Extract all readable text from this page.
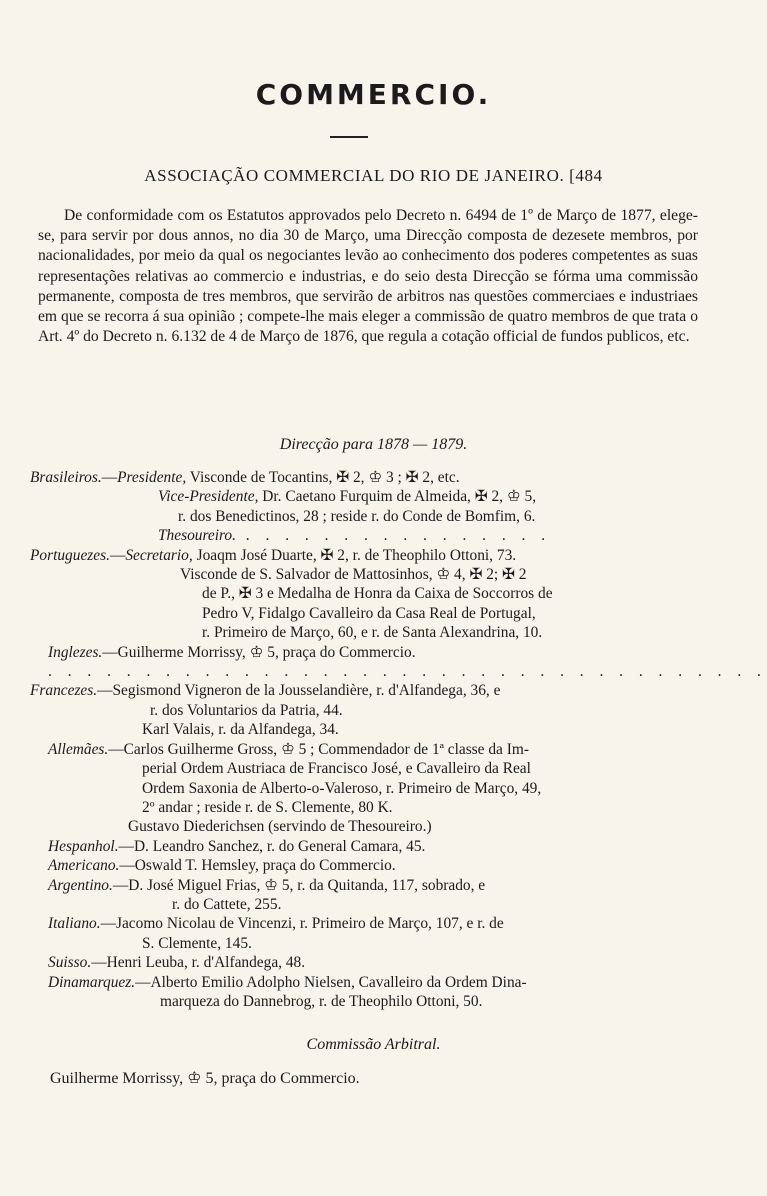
COMMERCIO.

ASSOCIAÇÃO COMMERCIAL DO RIO DE JANEIRO. [484

De conformidade com os Estatutos approvados pelo Decreto n. 6494 de 1º de Março de 1877, elege-se, para servir por dous annos, no dia 30 de Março, uma Direcção composta de dezesete membros, por nacionalidades, por meio da qual os negociantes levão ao conhecimento dos poderes competentes as suas representações relativas ao commercio e industrias, e do seio desta Direcção se fórma uma commissão permanente, composta de tres membros, que servirão de arbitros nas questões commerciaes e industriaes em que se recorra á sua opinião ; compete-lhe mais eleger a commissão de quatro membros de que trata o Art. 4º do Decreto n. 6.132 de 4 de Março de 1876, que regula a cotação official de fundos publicos, etc.

Direcção para 1878 — 1879.

Brasileiros.—Presidente, Visconde de Tocantins, ✠ 2, ♔ 3 ; ✠ 2, etc.

Vice-Presidente, Dr. Caetano Furquim de Almeida, ✠ 2, ♔ 5,

r. dos Benedictinos, 28 ; reside r. do Conde de Bomfim, 6.

Thesoureiro. . . . . . . . . . . . . . . . .

Portuguezes.—Secretario, Joaqm José Duarte, ✠ 2, r. de Theophilo Ottoni, 73.

Visconde de S. Salvador de Mattosinhos, ♔ 4, ✠ 2; ✠ 2

de P., ✠ 3 e Medalha de Honra da Caixa de Soccorros de

Pedro V, Fidalgo Cavalleiro da Casa Real de Portugal,

r. Primeiro de Março, 60, e r. de Santa Alexandrina, 10.

Inglezes.—Guilherme Morrissy, ♔ 5, praça do Commercio.

. . . . . . . . . . . . . . . . . . . . . . . . . . . . . . . . . . . . .

Francezes.—Segismond Vigneron de la Jousselandière, r. d'Alfandega, 36, e

r. dos Voluntarios da Patria, 44.

Karl Valais, r. da Alfandega, 34.

Allemães.—Carlos Guilherme Gross, ♔ 5 ; Commendador de 1ª classe da Im-

perial Ordem Austriaca de Francisco José, e Cavalleiro da Real

Ordem Saxonia de Alberto-o-Valeroso, r. Primeiro de Março, 49,

2º andar ; reside r. de S. Clemente, 80 K.

Gustavo Diederichsen (servindo de Thesoureiro.)

Hespanhol.—D. Leandro Sanchez, r. do General Camara, 45.

Americano.—Oswald T. Hemsley, praça do Commercio.

Argentino.—D. José Miguel Frias, ♔ 5, r. da Quitanda, 117, sobrado, e

r. do Cattete, 255.

Italiano.—Jacomo Nicolau de Vincenzi, r. Primeiro de Março, 107, e r. de

S. Clemente, 145.

Suisso.—Henri Leuba, r. d'Alfandega, 48.

Dinamarquez.—Alberto Emilio Adolpho Nielsen, Cavalleiro da Ordem Dina-

marqueza do Dannebrog, r. de Theophilo Ottoni, 50.

Commissão Arbitral.

Guilherme Morrissy, ♔ 5, praça do Commercio.
